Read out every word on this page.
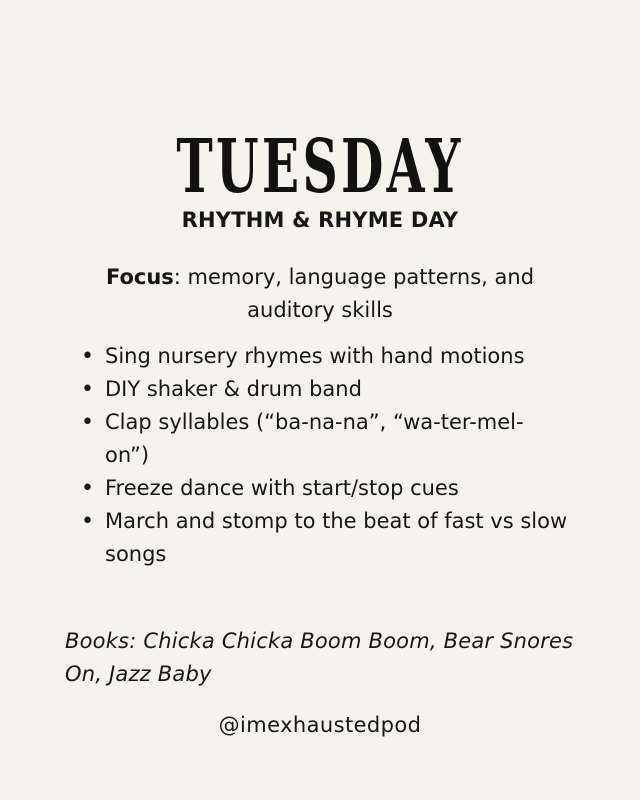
TUESDAY
RHYTHM & RHYME DAY

Focus: memory, language patterns, and auditory skills

• Sing nursery rhymes with hand motions
• DIY shaker & drum band
• Clap syllables (“ba-na-na”, “wa-ter-mel-on”)
• Freeze dance with start/stop cues
• March and stomp to the beat of fast vs slow songs

Books: Chicka Chicka Boom Boom, Bear Snores On, Jazz Baby

@imexhaustedpod
